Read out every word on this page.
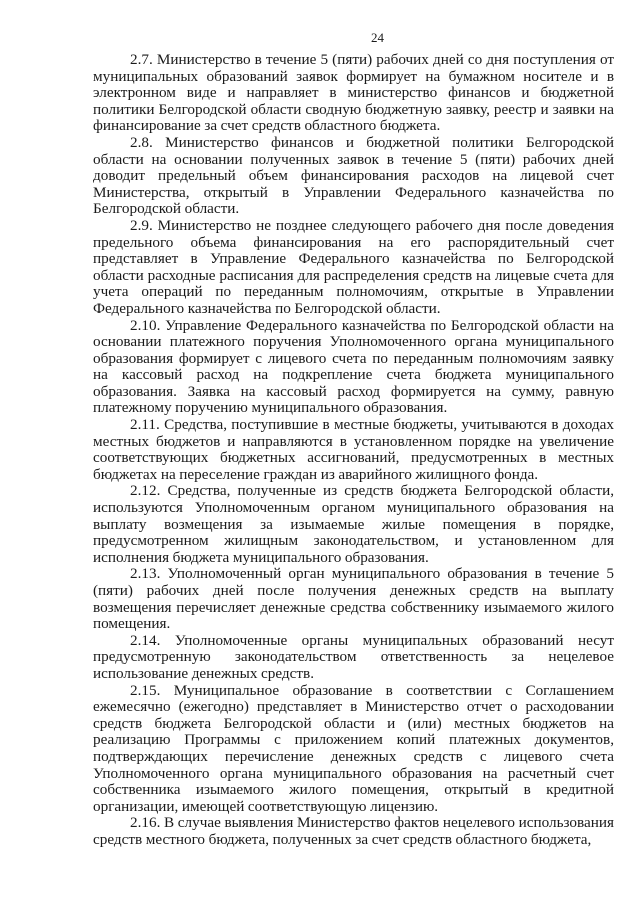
24

2.7. Министерство в течение 5 (пяти) рабочих дней со дня поступления от муниципальных образований заявок формирует на бумажном носителе и в электронном виде и направляет в министерство финансов и бюджетной политики Белгородской области сводную бюджетную заявку, реестр и заявки на финансирование за счет средств областного бюджета.

2.8. Министерство финансов и бюджетной политики Белгородской области на основании полученных заявок в течение 5 (пяти) рабочих дней доводит предельный объем финансирования расходов на лицевой счет Министерства, открытый в Управлении Федерального казначейства по Белгородской области.

2.9. Министерство не позднее следующего рабочего дня после доведения предельного объема финансирования на его распорядительный счет представляет в Управление Федерального казначейства по Белгородской области расходные расписания для распределения средств на лицевые счета для учета операций по переданным полномочиям, открытые в Управлении Федерального казначейства по Белгородской области.

2.10. Управление Федерального казначейства по Белгородской области на основании платежного поручения Уполномоченного органа муниципального образования формирует с лицевого счета по переданным полномочиям заявку на кассовый расход на подкрепление счета бюджета муниципального образования. Заявка на кассовый расход формируется на сумму, равную платежному поручению муниципального образования.

2.11. Средства, поступившие в местные бюджеты, учитываются в доходах местных бюджетов и направляются в установленном порядке на увеличение соответствующих бюджетных ассигнований, предусмотренных в местных бюджетах на переселение граждан из аварийного жилищного фонда.

2.12. Средства, полученные из средств бюджета Белгородской области, используются Уполномоченным органом муниципального образования на выплату возмещения за изымаемые жилые помещения в порядке, предусмотренном жилищным законодательством, и установленном для исполнения бюджета муниципального образования.

2.13. Уполномоченный орган муниципального образования в течение 5 (пяти) рабочих дней после получения денежных средств на выплату возмещения перечисляет денежные средства собственнику изымаемого жилого помещения.

2.14. Уполномоченные органы муниципальных образований несут предусмотренную законодательством ответственность за нецелевое использование денежных средств.

2.15. Муниципальное образование в соответствии с Соглашением ежемесячно (ежегодно) представляет в Министерство отчет о расходовании средств бюджета Белгородской области и (или) местных бюджетов на реализацию Программы с приложением копий платежных документов, подтверждающих перечисление денежных средств с лицевого счета Уполномоченного органа муниципального образования на расчетный счет собственника изымаемого жилого помещения, открытый в кредитной организации, имеющей соответствующую лицензию.

2.16. В случае выявления Министерство фактов нецелевого использования средств местного бюджета, полученных за счет средств областного бюджета,
